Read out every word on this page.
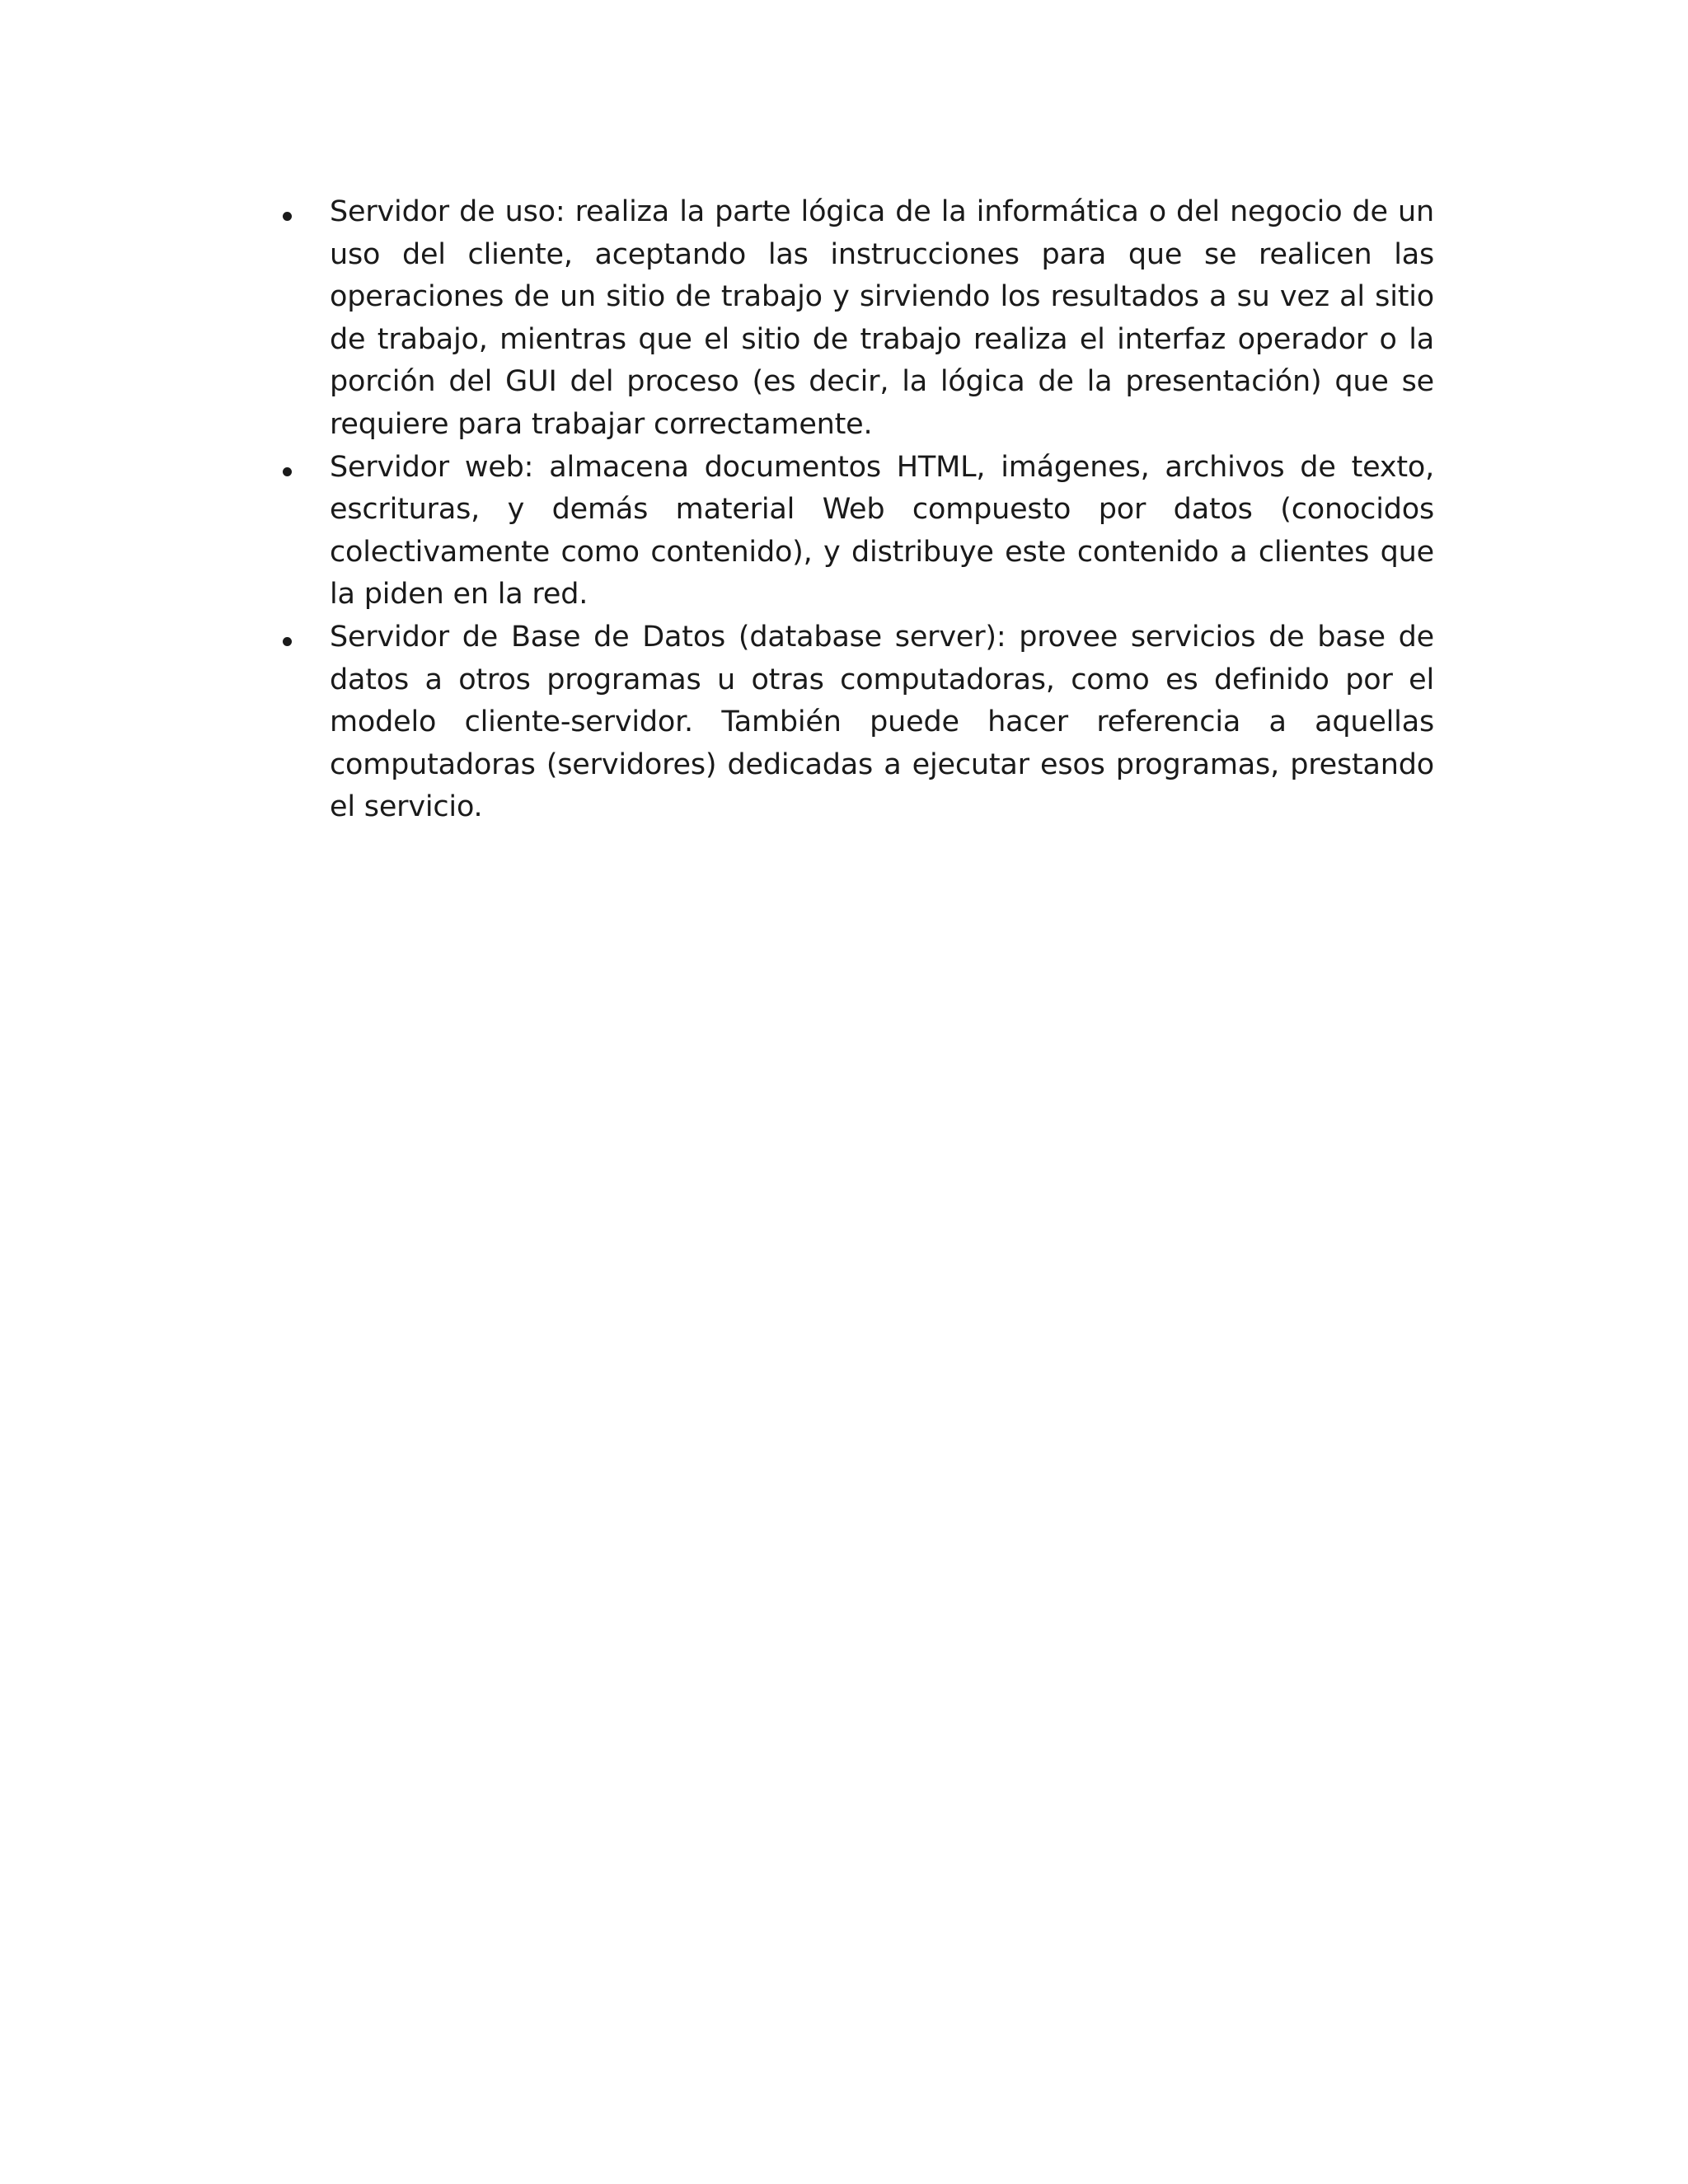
Servidor de uso: realiza la parte lógica de la informática o del negocio de un uso del cliente, aceptando las instrucciones para que se realicen las operaciones de un sitio de trabajo y sirviendo los resultados a su vez al sitio de trabajo, mientras que el sitio de trabajo realiza el interfaz operador o la porción del GUI del proceso (es decir, la lógica de la presentación) que se requiere para trabajar correctamente.
Servidor web: almacena documentos HTML, imágenes, archivos de texto, escrituras, y demás material Web compuesto por datos (conocidos colectivamente como contenido), y distribuye este contenido a clientes que la piden en la red.
Servidor de Base de Datos (database server): provee servicios de base de datos a otros programas u otras computadoras, como es definido por el modelo cliente-servidor. También puede hacer referencia a aquellas computadoras (servidores) dedicadas a ejecutar esos programas, prestando el servicio.
